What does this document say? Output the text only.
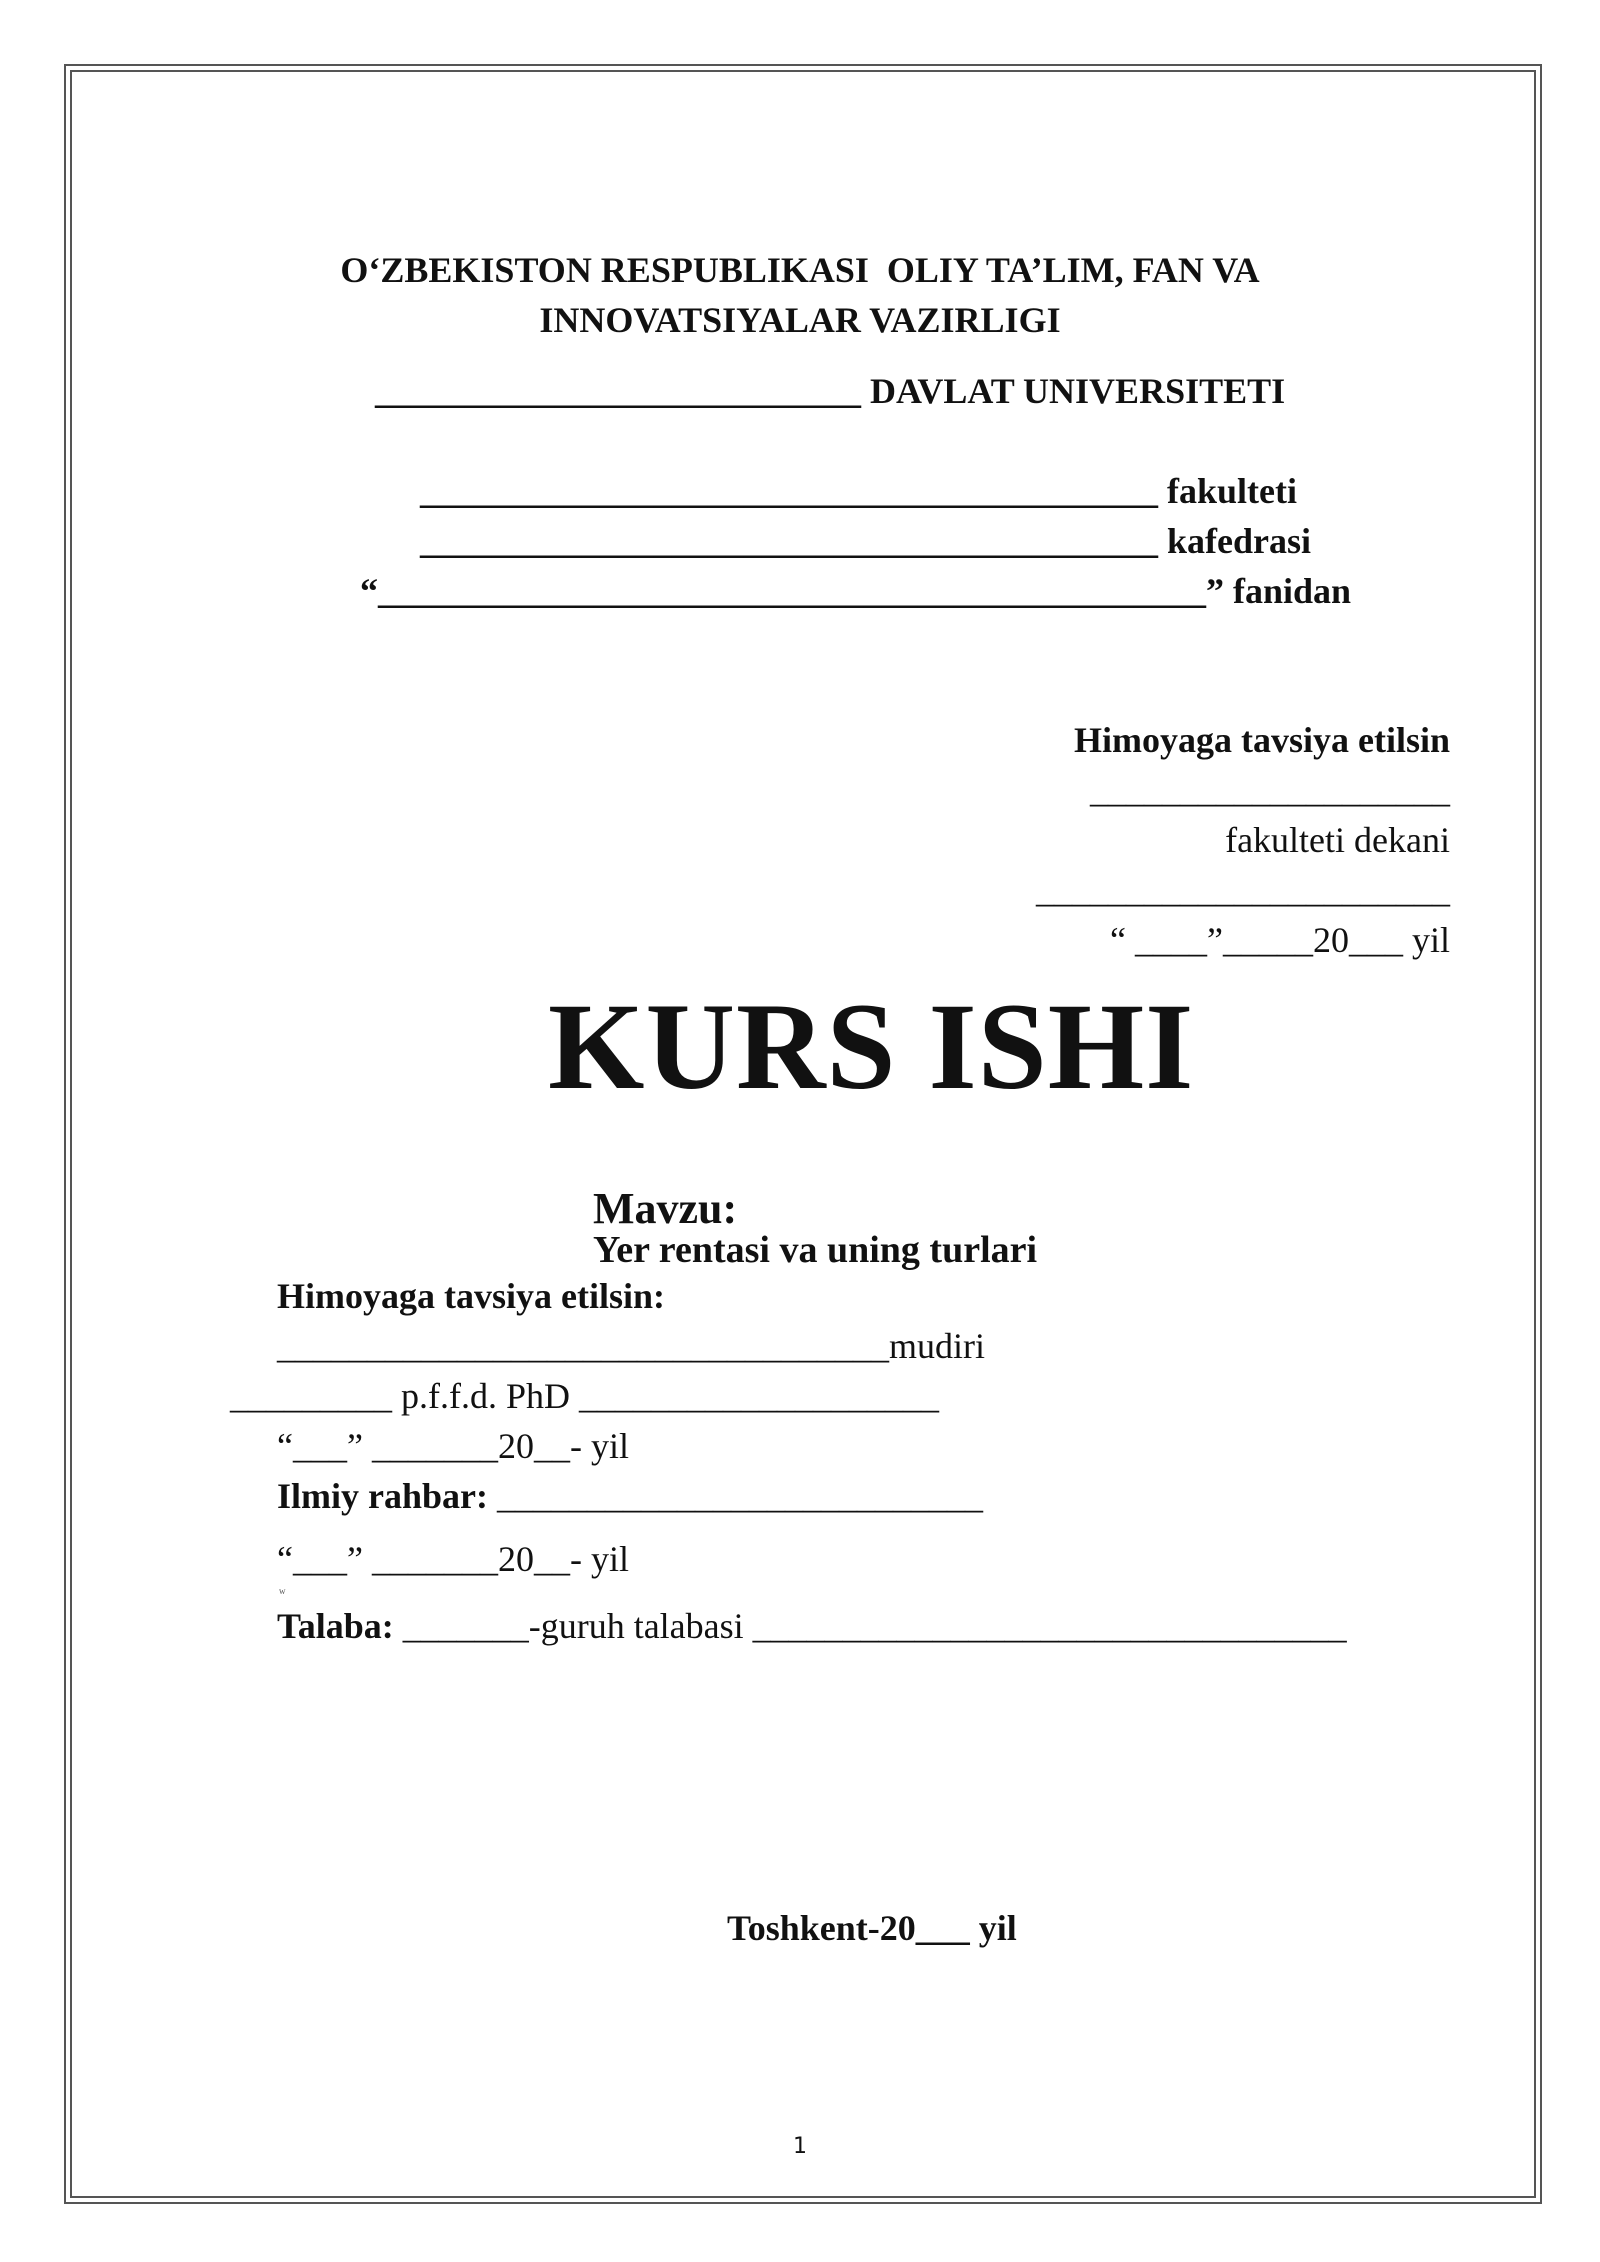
O‘ZBEKISTON RESPUBLIKASI  OLIY TA’LIM, FAN VA
INNOVATSIYALAR VAZIRLIGI
___________________________ DAVLAT UNIVERSITETI
_________________________________________ fakulteti
_________________________________________ kafedrasi
“______________________________________________” fanidan
Himoyaga tavsiya etilsin
____________________
fakulteti dekani
_______________________
“ ____”_____20___ yil
KURS ISHI

Mavzu:
Yer rentasi va uning turlari

Himoyaga tavsiya etilsin:
__________________________________mudiri
_________ p.f.f.d. PhD ____________________
“___” _______20__- yil
Ilmiy rahbar: ___________________________
“___” _______20__- yil
w
Talaba: _______-guruh talabasi _________________________________
Toshkent-20___ yil
1
